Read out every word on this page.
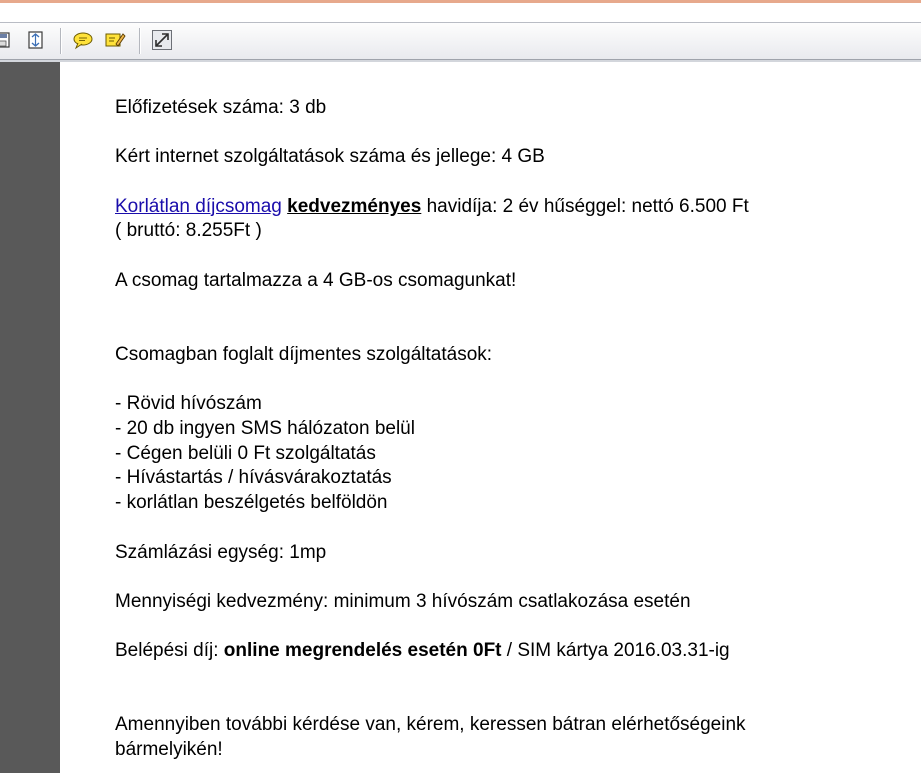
Előfizetések száma: 3 db

Kért internet szolgáltatások száma és jellege: 4 GB

Korlátlan díjcsomag kedvezményes havidíja: 2 év hűséggel: nettó 6.500 Ft

( bruttó: 8.255Ft )

A csomag tartalmazza a 4 GB-os csomagunkat!

Csomagban foglalt díjmentes szolgáltatások:

- Rövid hívószám

- 20 db ingyen SMS hálózaton belül

- Cégen belüli 0 Ft szolgáltatás

- Hívástartás / hívásvárakoztatás

- korlátlan beszélgetés belföldön

Számlázási egység: 1mp

Mennyiségi kedvezmény: minimum 3 hívószám csatlakozása esetén

Belépési díj: online megrendelés esetén 0Ft / SIM kártya 2016.03.31-ig

Amennyiben további kérdése van, kérem, keressen bátran elérhetőségeink

bármelyikén!
